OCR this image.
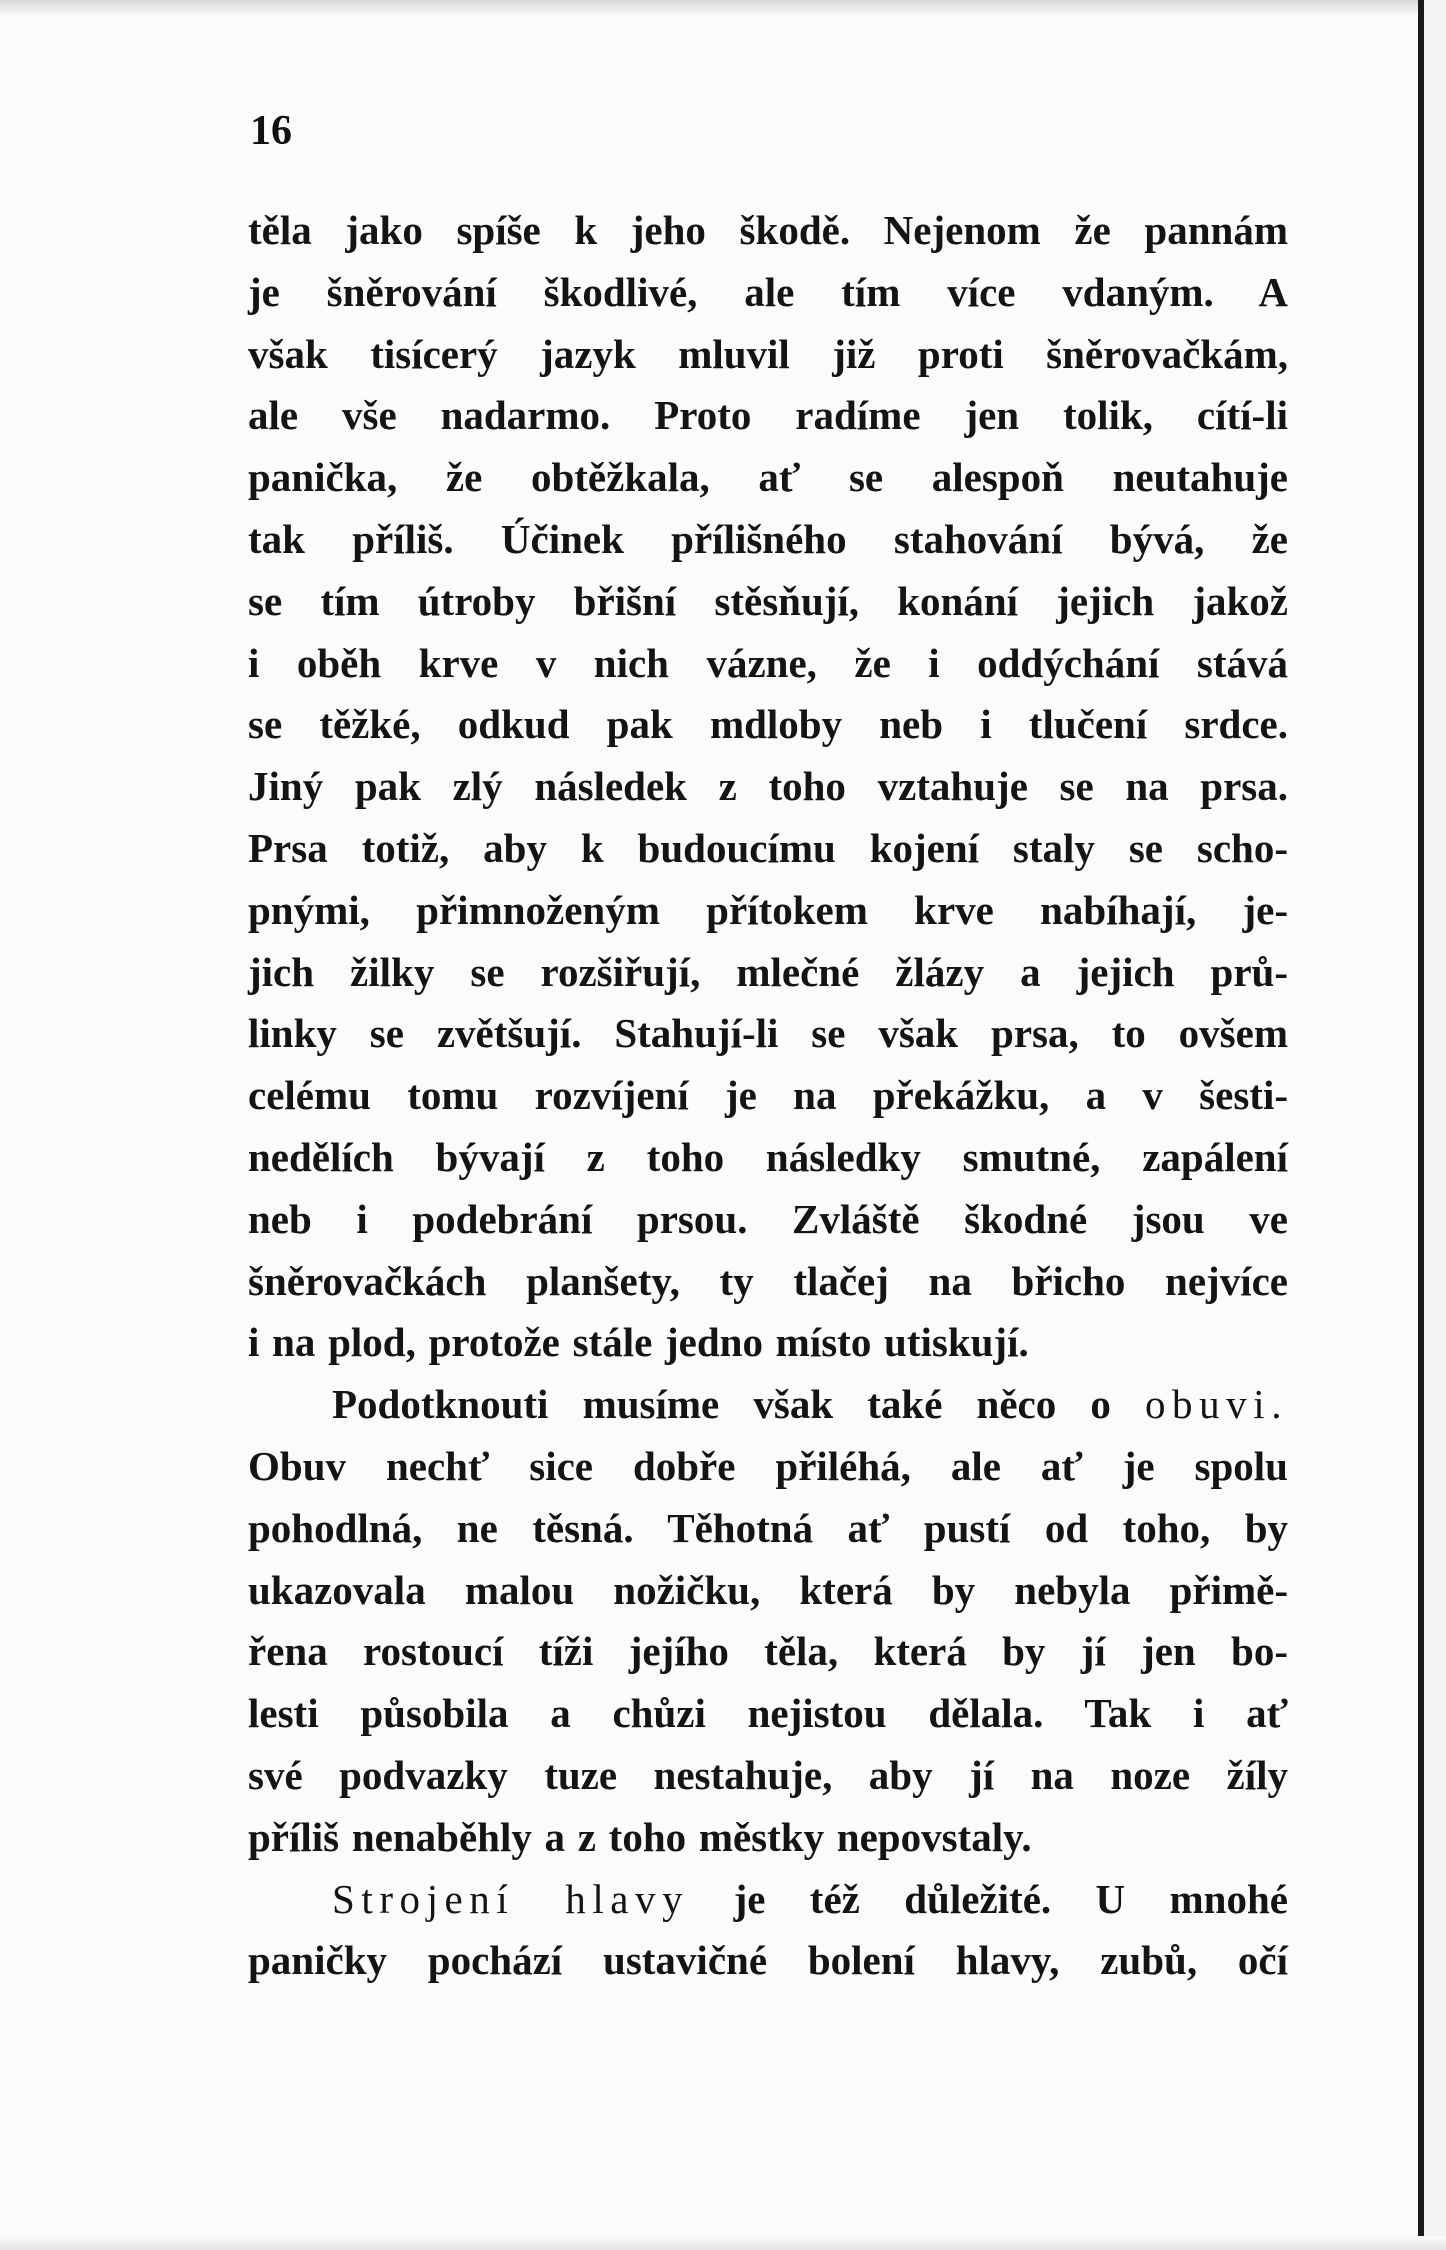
16
těla jako spíše k jeho škodě. Nejenom že pannám
je šněrování škodlivé, ale tím více vdaným. A
však tisícerý jazyk mluvil již proti šněrovačkám,
ale vše nadarmo. Proto radíme jen tolik, cítí-li
panička, že obtěžkala, ať se alespoň neutahuje
tak příliš. Účinek přílišného stahování bývá, že
se tím útroby břišní stěsňují, konání jejich jakož
i oběh krve v nich vázne, že i oddýchání stává
se těžké, odkud pak mdloby neb i tlučení srdce.
Jiný pak zlý následek z toho vztahuje se na prsa.
Prsa totiž, aby k budoucímu kojení staly se scho-
pnými, přimnoženým přítokem krve nabíhají, je-
jich žilky se rozšiřují, mlečné žlázy a jejich prů-
linky se zvětšují. Stahují-li se však prsa, to ovšem
celému tomu rozvíjení je na překážku, a v šesti-
nedělích bývají z toho následky smutné, zapálení
neb i podebrání prsou. Zvláště škodné jsou ve
šněrovačkách planšety, ty tlačej na břicho nejvíce
i na plod, protože stále jedno místo utiskují.
Podotknouti musíme však také něco o obuvi.
Obuv nechť sice dobře přiléhá, ale ať je spolu
pohodlná, ne těsná. Těhotná ať pustí od toho, by
ukazovala malou nožičku, která by nebyla přimě-
řena rostoucí tíži jejího těla, která by jí jen bo-
lesti působila a chůzi nejistou dělala. Tak i ať
své podvazky tuze nestahuje, aby jí na noze žíly
příliš nenaběhly a z toho městky nepovstaly.
Strojení hlavy je též důležité. U mnohé
paničky pochází ustavičné bolení hlavy, zubů, očí
